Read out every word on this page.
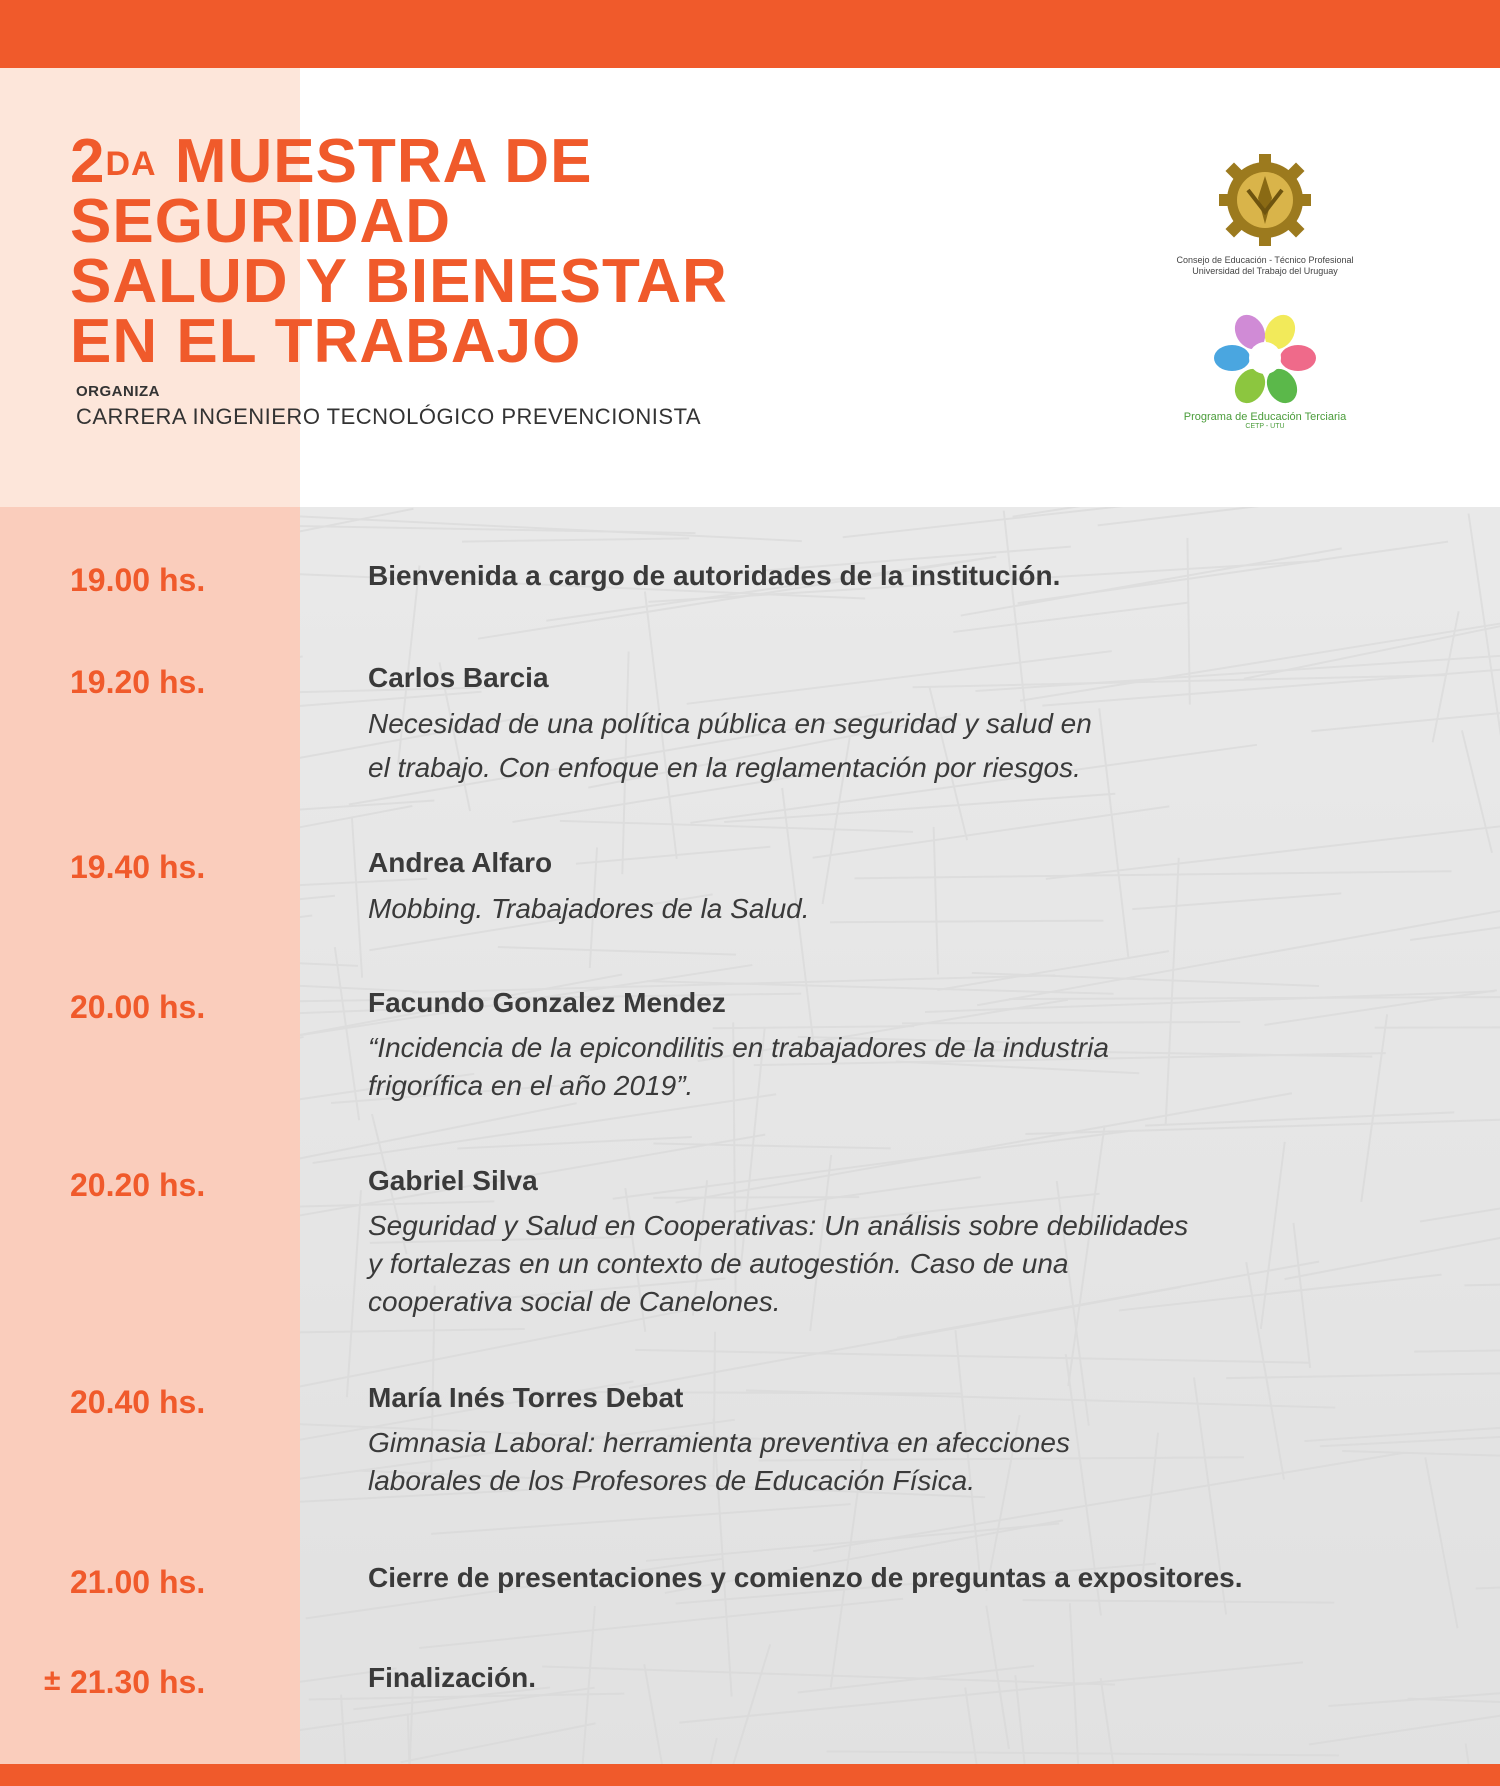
$2^{DA}$ MUESTRA DE
SEGURIDAD
SALUD Y BIENESTAR
EN EL TRABAJO
ORGANIZA
CARRERA INGENIERO TECNOLÓGICO PREVENCIONISTA
Consejo de Educación - Técnico Profesional
Universidad del Trabajo del Uruguay
Programa de Educación Terciaria
CETP - UTU
19.00 hs.	Bienvenida a cargo de autoridades de la institución.
19.20 hs.	Carlos Barcia
Necesidad de una política pública en seguridad y salud en
el trabajo. Con enfoque en la reglamentación por riesgos.
19.40 hs.	Andrea Alfaro
Mobbing. Trabajadores de la Salud.
20.00 hs.	Facundo Gonzalez Mendez
“Incidencia de la epicondilitis en trabajadores de la industria
frigorífica en el año 2019”.
20.20 hs.	Gabriel Silva
Seguridad y Salud en Cooperativas: Un análisis sobre debilidades
y fortalezas en un contexto de autogestión. Caso de una
cooperativa social de Canelones.
20.40 hs.	María Inés Torres Debat
Gimnasia Laboral: herramienta preventiva en afecciones
laborales de los Profesores de Educación Física.
21.00 hs.	Cierre de presentaciones y comienzo de preguntas a expositores.
± 21.30 hs.	Finalización.
